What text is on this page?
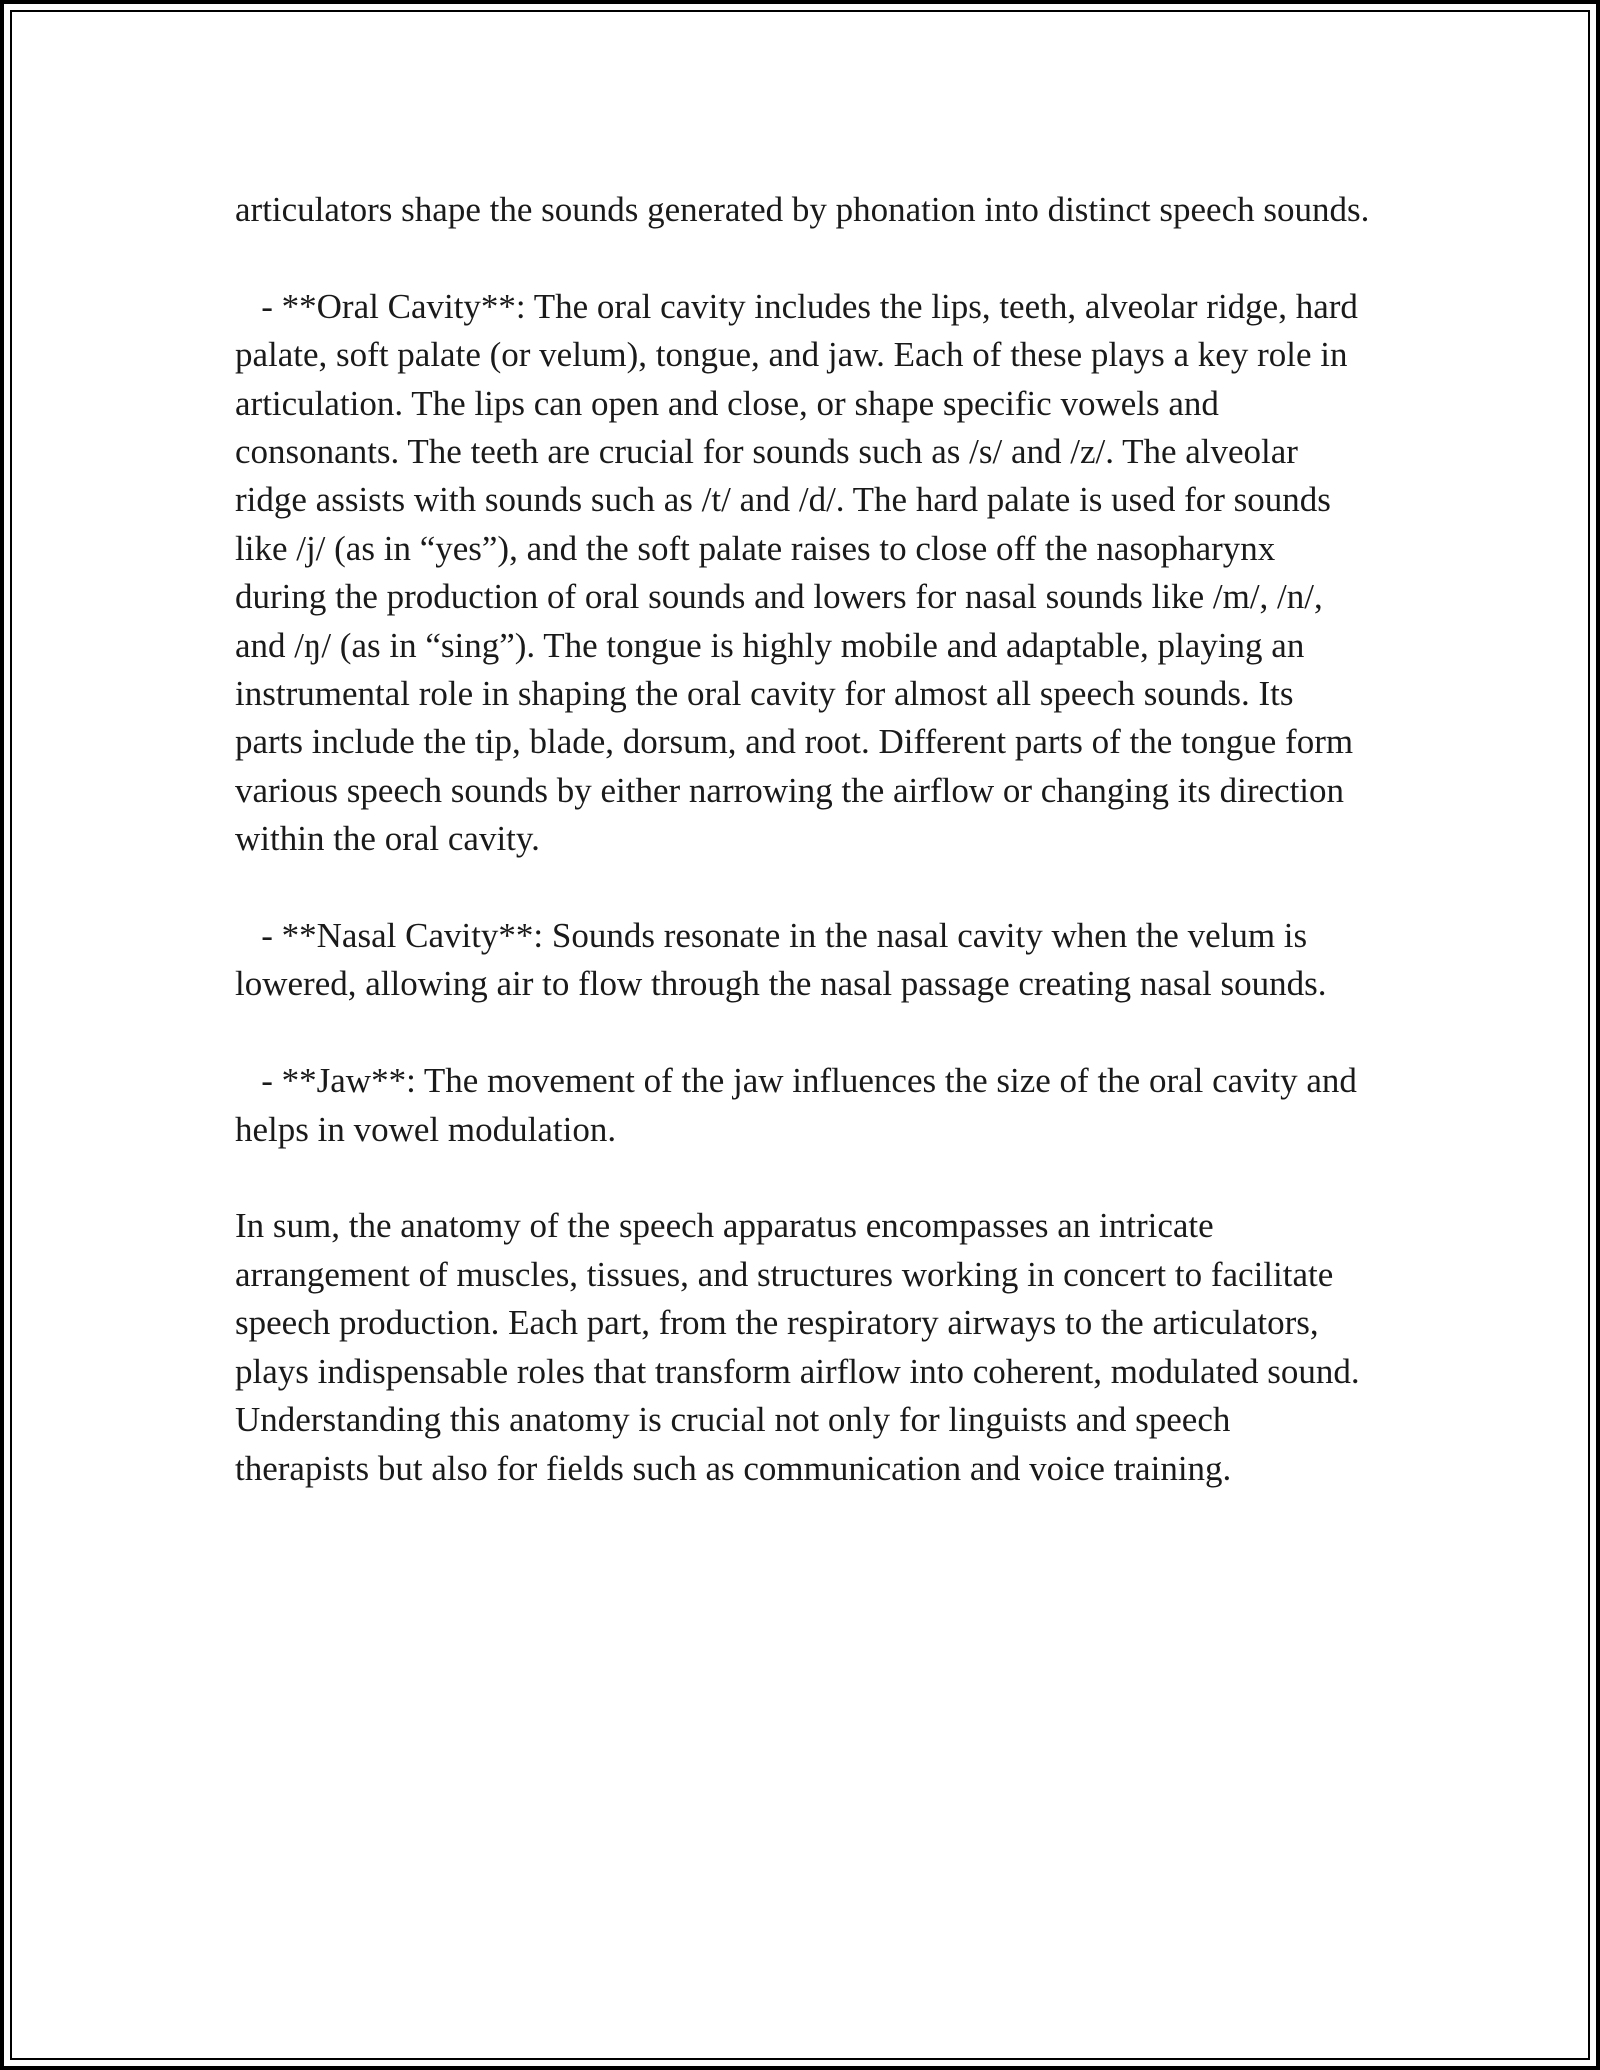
articulators shape the sounds generated by phonation into distinct speech sounds.

- **Oral Cavity**: The oral cavity includes the lips, teeth, alveolar ridge, hard palate, soft palate (or velum), tongue, and jaw. Each of these plays a key role in articulation. The lips can open and close, or shape specific vowels and consonants. The teeth are crucial for sounds such as /s/ and /z/. The alveolar ridge assists with sounds such as /t/ and /d/. The hard palate is used for sounds like /j/ (as in “yes”), and the soft palate raises to close off the nasopharynx during the production of oral sounds and lowers for nasal sounds like /m/, /n/, and /ŋ/ (as in “sing”). The tongue is highly mobile and adaptable, playing an instrumental role in shaping the oral cavity for almost all speech sounds. Its parts include the tip, blade, dorsum, and root. Different parts of the tongue form various speech sounds by either narrowing the airflow or changing its direction within the oral cavity.

- **Nasal Cavity**: Sounds resonate in the nasal cavity when the velum is lowered, allowing air to flow through the nasal passage creating nasal sounds.

- **Jaw**: The movement of the jaw influences the size of the oral cavity and helps in vowel modulation.

In sum, the anatomy of the speech apparatus encompasses an intricate arrangement of muscles, tissues, and structures working in concert to facilitate speech production. Each part, from the respiratory airways to the articulators, plays indispensable roles that transform airflow into coherent, modulated sound. Understanding this anatomy is crucial not only for linguists and speech therapists but also for fields such as communication and voice training.
